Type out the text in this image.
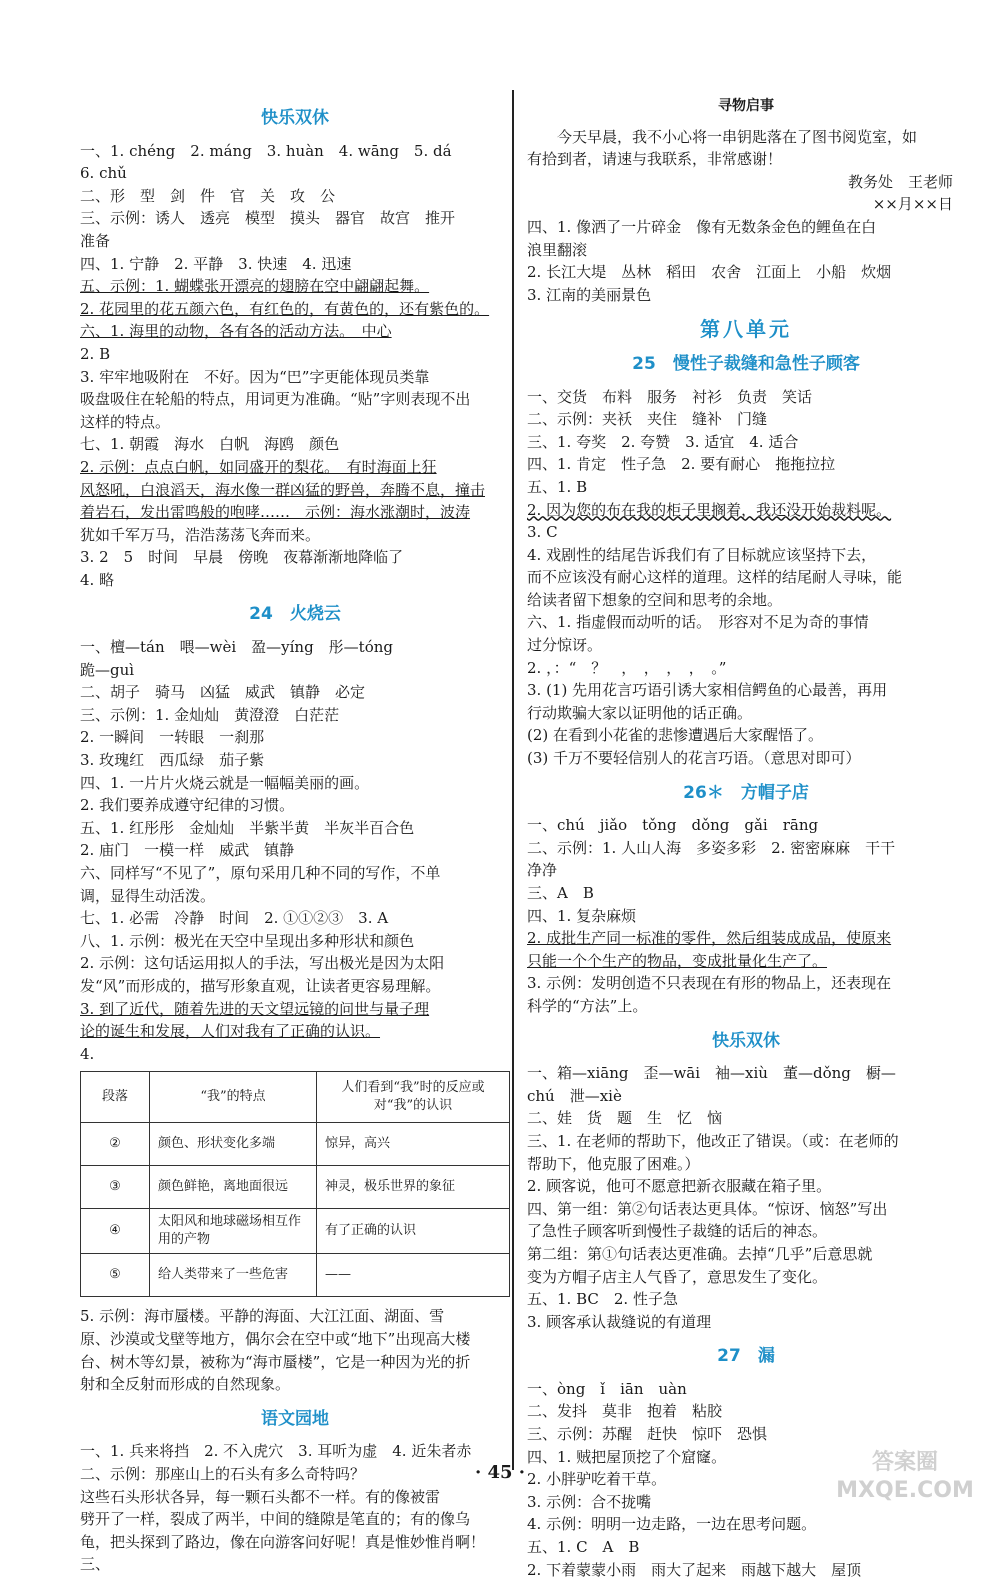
快乐双休
一、1. chéng　2. máng　3. huàn　4. wāng　5. dá
6. chǔ
二、形　型　剑　件　官　关　攻　公
三、示例：诱人　透亮　模型　摸头　器官　故宫　推开
准备
四、1. 宁静　2. 平静　3. 快速　4. 迅速
五、示例：1. 蝴蝶张开漂亮的翅膀在空中翩翩起舞。
2. 花园里的花五颜六色，有红色的，有黄色的，还有紫色的。
六、1. 海里的动物，各有各的活动方法。　中心
2. B
3. 牢牢地吸附在　不好。因为“巴”字更能体现员类靠
吸盘吸住在轮船的特点，用词更为准确。“贴”字则表现不出
这样的特点。
七、1. 朝霞　海水　白帆　海鸥　颜色
2. 示例：点点白帆，如同盛开的梨花。　有时海面上狂
风怒吼，白浪滔天，海水像一群凶猛的野兽，奔腾不息，撞击
着岩石，发出雷鸣般的咆哮……　示例：海水涨潮时，波涛
犹如千军万马，浩浩荡荡飞奔而来。
3. 2　5　时间　早晨　傍晚　夜幕渐渐地降临了
4. 略
24　火烧云
一、檀—tán　喂—wèi　盈—yíng　彤—tóng
跪—guì
二、胡子　骑马　凶猛　威武　镇静　必定
三、示例：1. 金灿灿　黄澄澄　白茫茫
2. 一瞬间　一转眼　一刹那
3. 玫瑰红　西瓜绿　茄子紫
四、1. 一片片火烧云就是一幅幅美丽的画。
2. 我们要养成遵守纪律的习惯。
五、1. 红彤彤　金灿灿　半紫半黄　半灰半百合色
2. 庙门　一模一样　威武　镇静
六、同样写“不见了”，原句采用几种不同的写作，不单
调，显得生动活泼。
七、1. 必需　冷静　时间　2. ①①②③　3. A
八、1. 示例：极光在天空中呈现出多种形状和颜色
2. 示例：这句话运用拟人的手法，写出极光是因为太阳
发“风”而形成的，描写形象直观，让读者更容易理解。
3. 到了近代，随着先进的天文望远镜的问世与量子理
论的诞生和发展，人们对我有了正确的认识。
4.
段落	“我”的特点	人们看到“我”时的反应或对“我”的认识
②	颜色、形状变化多端	惊异，高兴
③	颜色鲜艳，离地面很远	神灵，极乐世界的象征
④	太阳风和地球磁场相互作用的产物	有了正确的认识
⑤	给人类带来了一些危害	——
5. 示例：海市蜃楼。平静的海面、大江江面、湖面、雪
原、沙漠或戈壁等地方，偶尔会在空中或“地下”出现高大楼
台、树木等幻景，被称为“海市蜃楼”，它是一种因为光的折
射和全反射而形成的自然现象。
语文园地
一、1. 兵来将挡　2. 不入虎穴　3. 耳听为虚　4. 近朱者赤
二、示例：那座山上的石头有多么奇特吗？
这些石头形状各异，每一颗石头都不一样。有的像被雷
劈开了一样，裂成了两半，中间的缝隙是笔直的；有的像乌
龟，把头探到了路边，像在向游客问好呢！真是惟妙惟肖啊！
三、
寻物启事
今天早晨，我不小心将一串钥匙落在了图书阅览室，如
有拾到者，请速与我联系，非常感谢！
教务处　王老师
××月××日
四、1. 像洒了一片碎金　像有无数条金色的鲤鱼在白
浪里翻滚
2. 长江大堤　丛林　稻田　农舍　江面上　小船　炊烟
3. 江南的美丽景色
第八单元
25　慢性子裁缝和急性子顾客
一、交货　布料　服务　衬衫　负责　笑话
二、示例：夹袄　夹住　缝补　门缝
三、1. 夸奖　2. 夸赞　3. 适宜　4. 适合
四、1. 肯定　性子急　2. 要有耐心　拖拖拉拉
五、1. B
2. 因为您的布在我的柜子里搁着，我还没开始裁料呢。
3. C
4. 戏剧性的结尾告诉我们有了目标就应该坚持下去，
而不应该没有耐心这样的道理。这样的结尾耐人寻味，能
给读者留下想象的空间和思考的余地。
六、1. 指虚假而动听的话。　形容对不足为奇的事情
过分惊讶。
2. ，：“　？　，　，　，　，　。”
3. (1) 先用花言巧语引诱大家相信鳄鱼的心最善，再用
行动欺骗大家以证明他的话正确。
(2) 在看到小花雀的悲惨遭遇后大家醒悟了。
(3) 千万不要轻信别人的花言巧语。（意思对即可）
26＊　方帽子店
一、chú　jiǎo　tǒng　dǒng　gǎi　rāng
二、示例：1. 人山人海　多姿多彩　2. 密密麻麻　干干
净净
三、A　B
四、1. 复杂麻烦
2. 成批生产同一标准的零件，然后组装成成品，使原来
只能一个个生产的物品，变成批量化生产了。
3. 示例：发明创造不只表现在有形的物品上，还表现在
科学的“方法”上。
快乐双休
一、箱—xiāng　歪—wāi　袖—xiù　董—dǒng　橱—
chú　泄—xiè
二、娃　货　题　生　忆　恼
三、1. 在老师的帮助下，他改正了错误。（或：在老师的
帮助下，他克服了困难。）
2. 顾客说，他可不愿意把新衣服藏在箱子里。
四、第一组：第②句话表达更具体。“惊讶、恼怒”写出
了急性子顾客听到慢性子裁缝的话后的神态。
第二组：第①句话表达更准确。去掉“几乎”后意思就
变为方帽子店主人气昏了，意思发生了变化。
五、1. BC　2. 性子急
3. 顾客承认裁缝说的有道理
27　漏
一、òng　ǐ　iān　uàn
二、发抖　莫非　抱着　粘胶
三、示例：苏醒　赶快　惊吓　恐惧
四、1. 贼把屋顶挖了个窟窿。
2. 小胖驴吃着干草。
3. 示例：合不拢嘴
4. 示例：明明一边走路，一边在思考问题。
五、1. C　A　B
2. 下着蒙蒙小雨　雨大了起来　雨越下越大　屋顶
· 45 ·	答案圈 MXQE.COM
